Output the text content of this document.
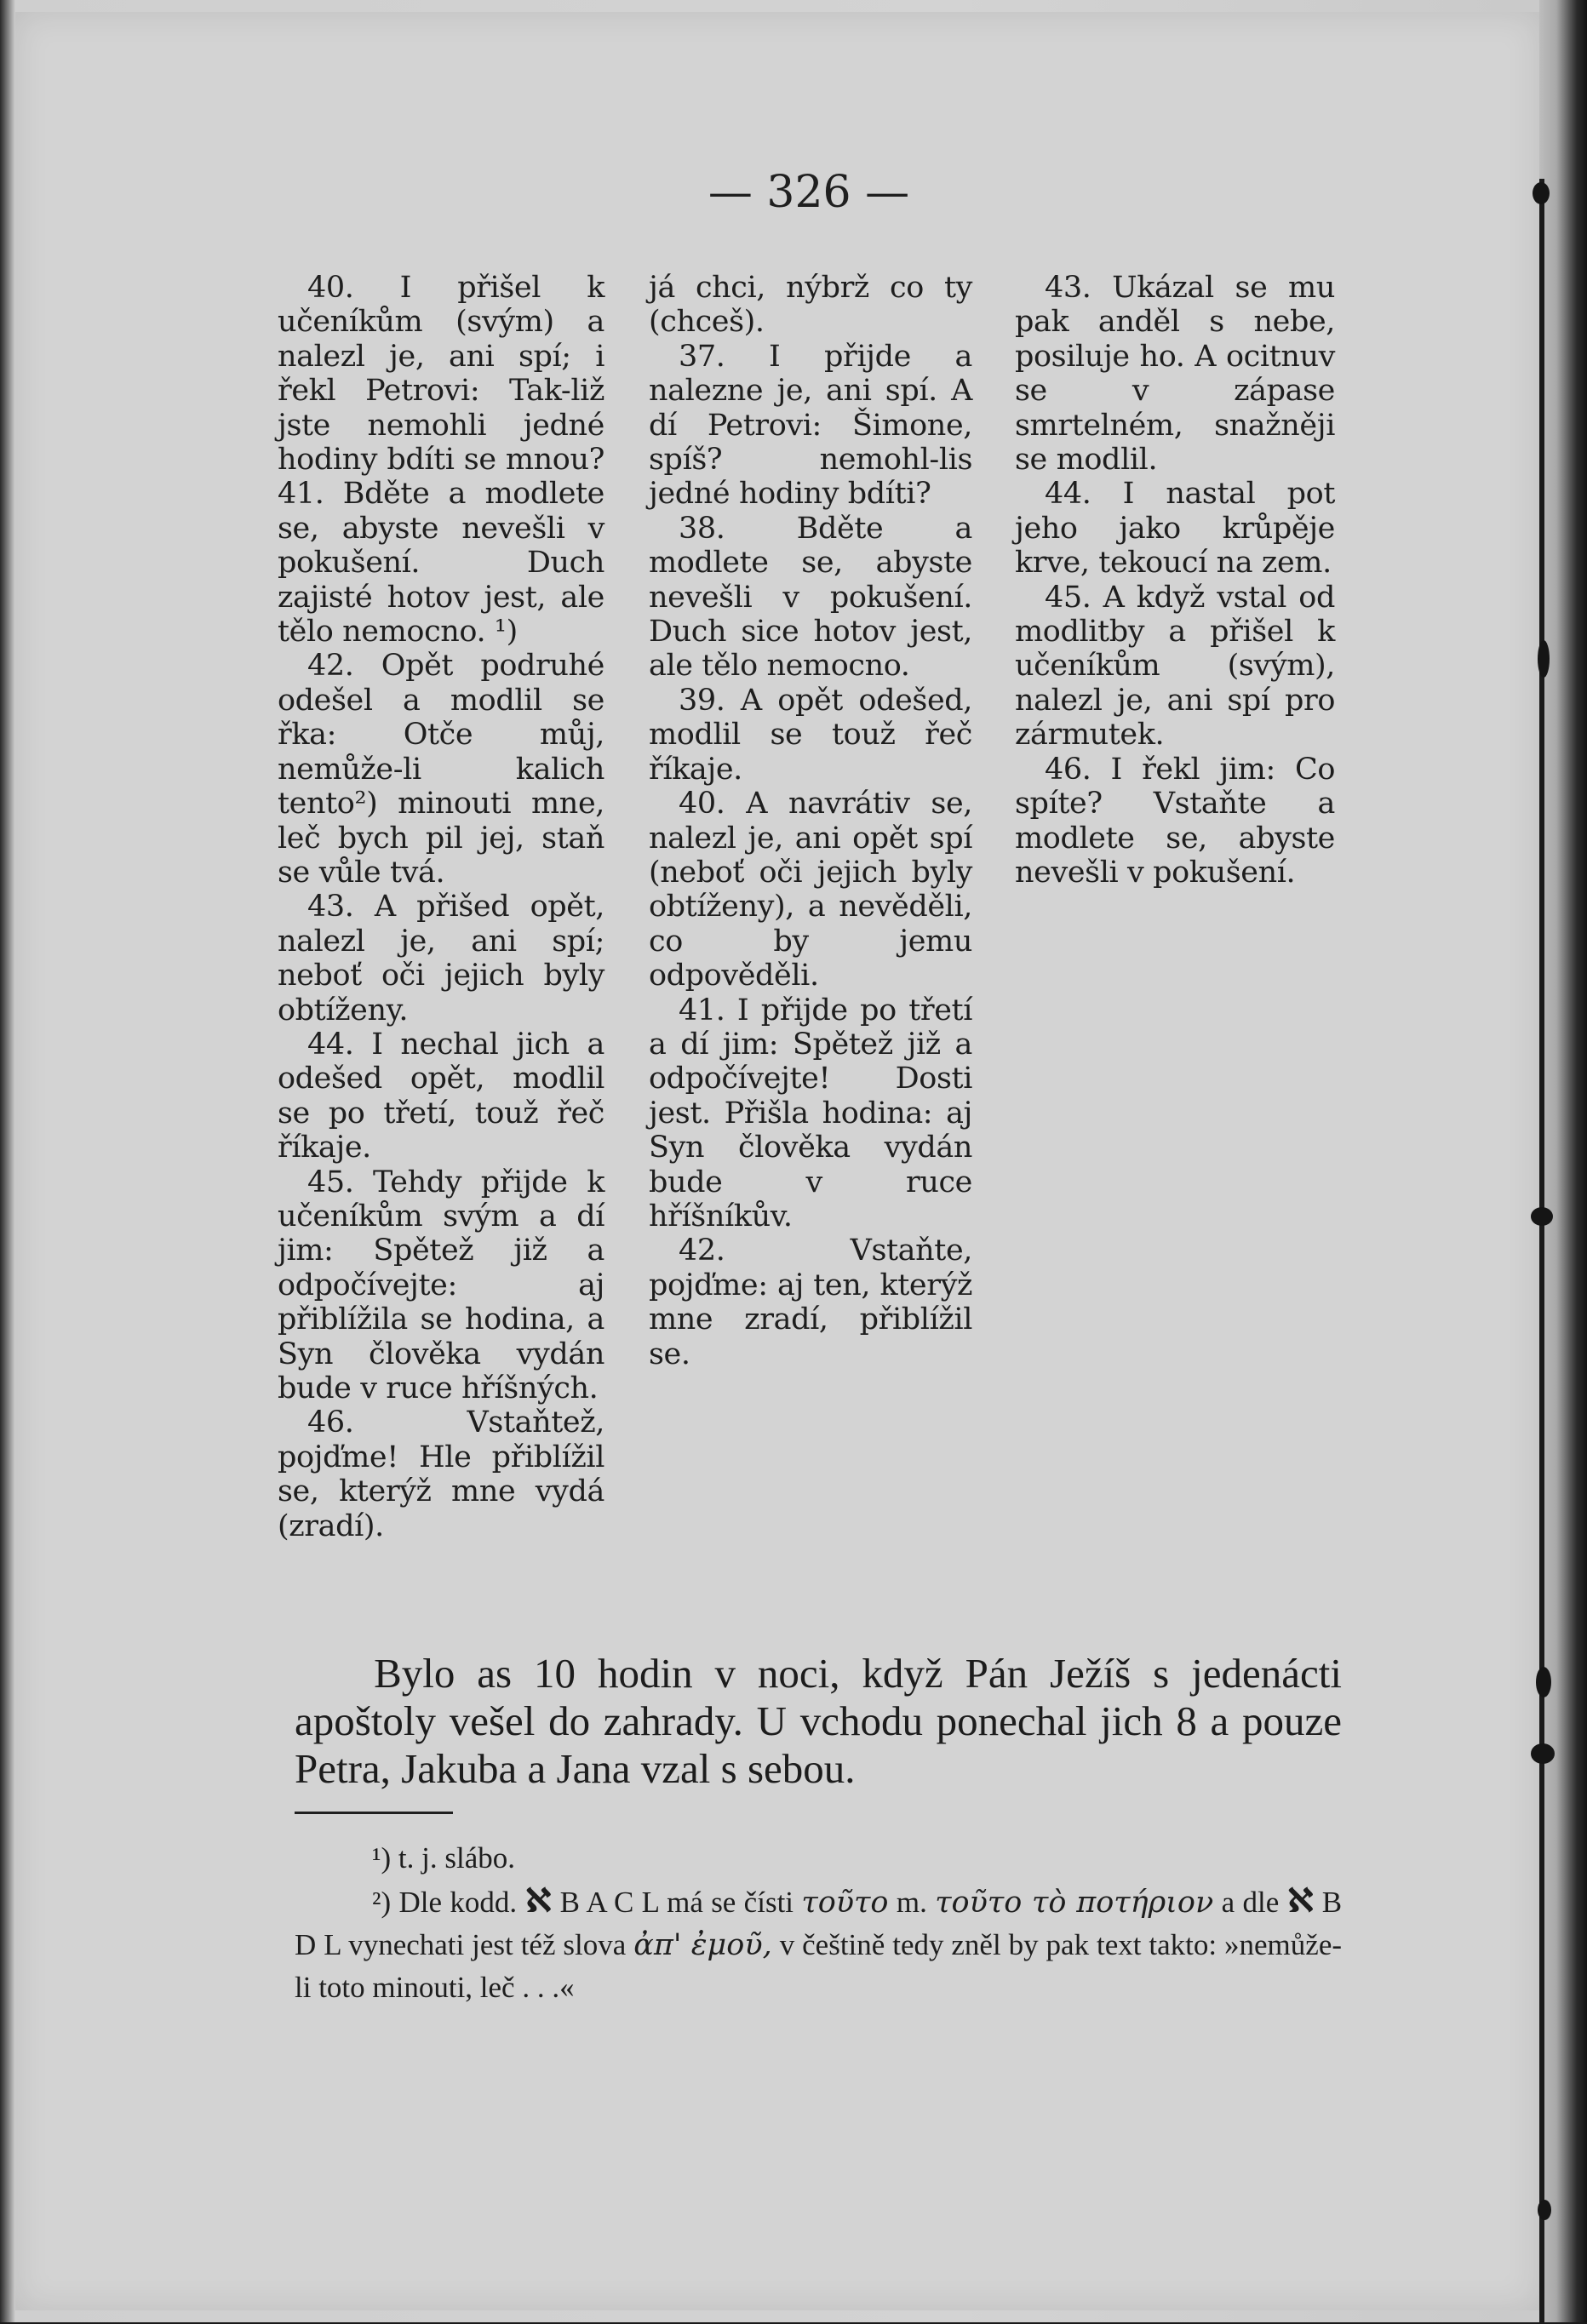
— 326 —

40. I přišel k učeníkům (svým) a nalezl je, ani spí; i řekl Petrovi: Tak-liž jste nemohli jedné hodiny bdíti se mnou? 41. Bděte a modlete se, abyste nevešli v pokušení. Duch zajisté hotov jest, ale tělo nemocno. ¹)

42. Opět podruhé odešel a modlil se řka: Otče můj, nemůže-li kalich tento²) minouti mne, leč bych pil jej, staň se vůle tvá.

43. A přišed opět, nalezl je, ani spí; neboť oči jejich byly obtíženy.

44. I nechal jich a odešed opět, modlil se po třetí, touž řeč říkaje.

45. Tehdy přijde k učeníkům svým a dí jim: Spětež již a odpočívejte: aj přiblížila se hodina, a Syn člověka vydán bude v ruce hříšných.

46. Vstaňtež, pojďme! Hle přiblížil se, kterýž mne vydá (zradí).

já chci, nýbrž co ty (chceš).

37. I přijde a nalezne je, ani spí. A dí Petrovi: Šimone, spíš? nemohl-lis jedné hodiny bdíti?

38. Bděte a modlete se, abyste nevešli v pokušení. Duch sice hotov jest, ale tělo nemocno.

39. A opět odešed, modlil se touž řeč říkaje.

40. A navrátiv se, nalezl je, ani opět spí (neboť oči jejich byly obtíženy), a nevěděli, co by jemu odpověděli.

41. I přijde po třetí a dí jim: Spětež již a odpočívejte! Dosti jest. Přišla hodina: aj Syn člověka vydán bude v ruce hříšníkův.

42. Vstaňte, pojďme: aj ten, kterýž mne zradí, přiblížil se.

43. Ukázal se mu pak anděl s nebe, posiluje ho. A ocitnuv se v zápase smrtelném, snažněji se modlil.

44. I nastal pot jeho jako krůpěje krve, tekoucí na zem.

45. A když vstal od modlitby a přišel k učeníkům (svým), nalezl je, ani spí pro zármutek.

46. I řekl jim: Co spíte? Vstaňte a modlete se, abyste nevešli v pokušení.

Bylo as 10 hodin v noci, když Pán Ježíš s jedenácti apoštoly vešel do zahrady. U vchodu ponechal jich 8 a pouze Petra, Jakuba a Jana vzal s sebou.

¹) t. j. slábo.

²) Dle kodd. ℵ B A C L má se čísti τοῦτο m. τοῦτο τὸ ποτήριον a dle ℵ B D L vynechati jest též slova ἀπ' ἐμοῦ, v češtině tedy zněl by pak text takto: »nemůže-li toto minouti, leč . . .«
